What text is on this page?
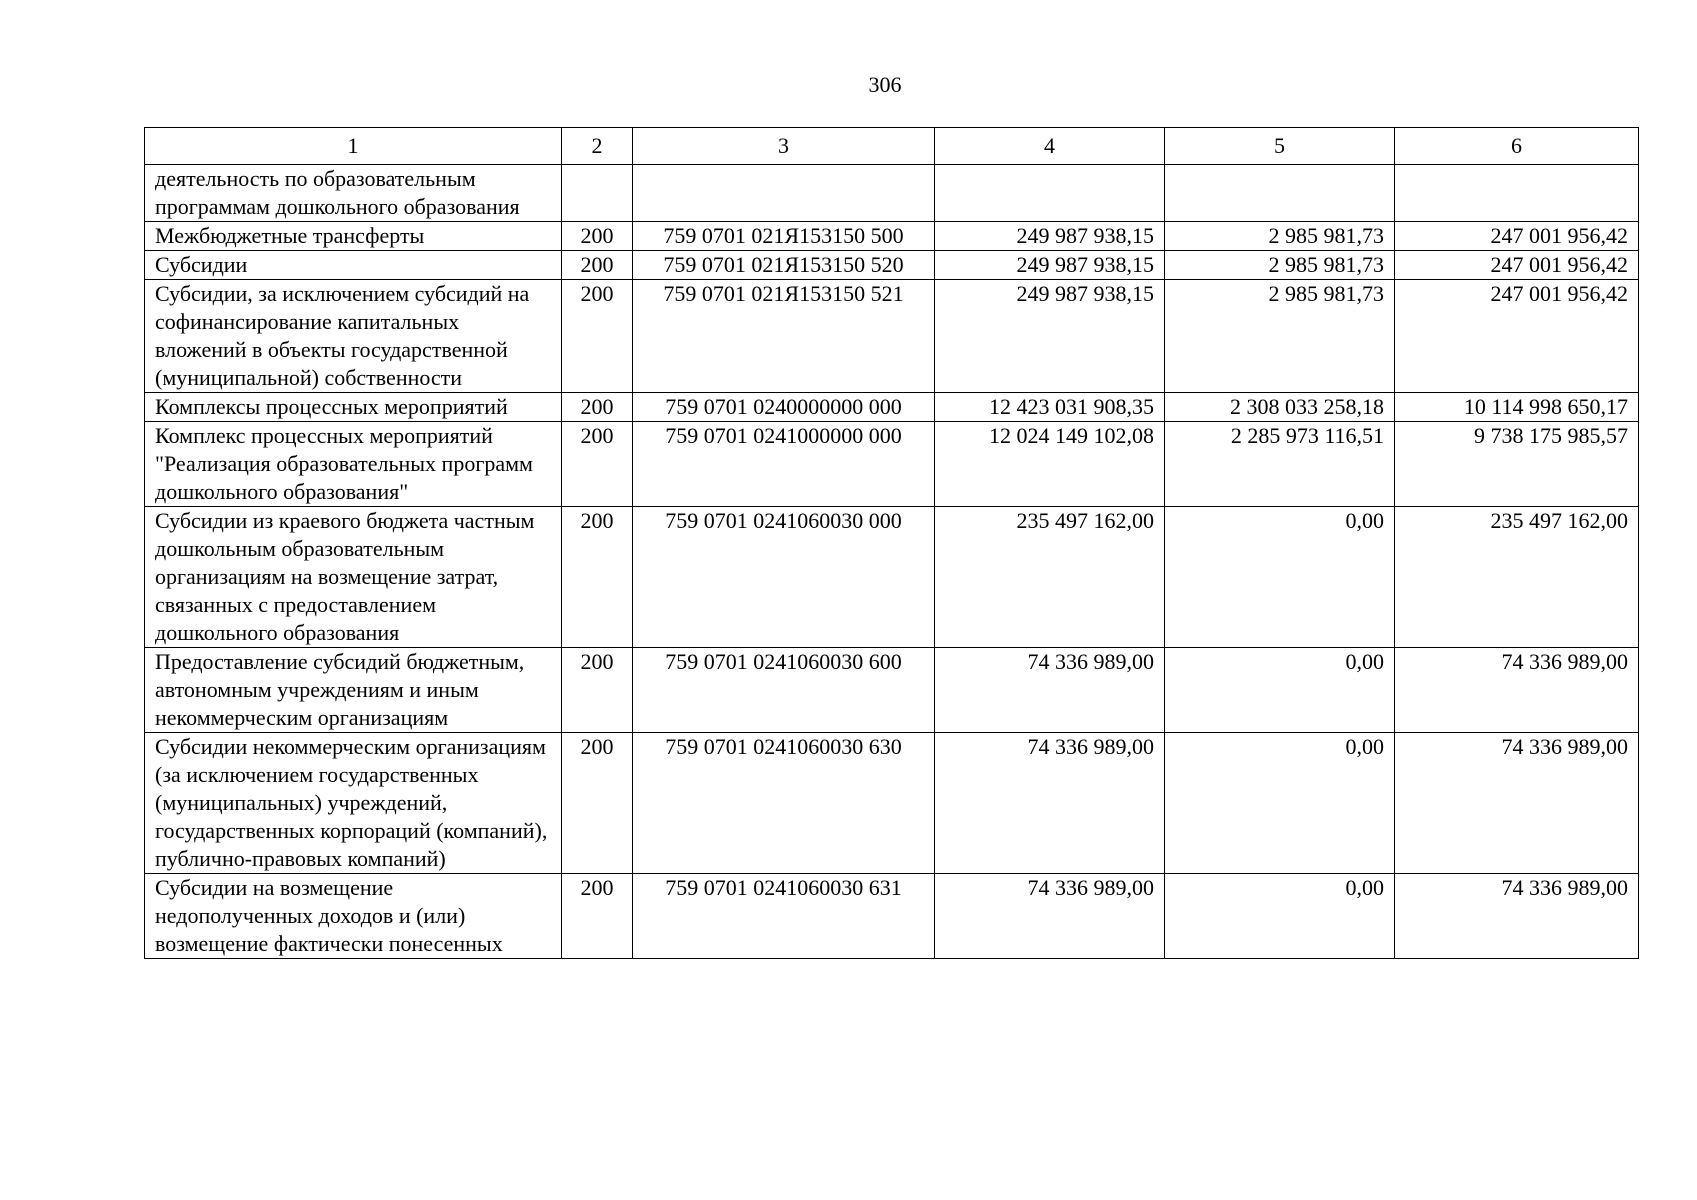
306
1	2	3	4	5	6
деятельность по образовательным программам дошкольного образования					
Межбюджетные трансферты	200	759 0701 021Я153150 500	249 987 938,15	2 985 981,73	247 001 956,42
Субсидии	200	759 0701 021Я153150 520	249 987 938,15	2 985 981,73	247 001 956,42
Субсидии, за исключением субсидий на софинансирование капитальных вложений в объекты государственной (муниципальной) собственности	200	759 0701 021Я153150 521	249 987 938,15	2 985 981,73	247 001 956,42
Комплексы процессных мероприятий	200	759 0701 0240000000 000	12 423 031 908,35	2 308 033 258,18	10 114 998 650,17
Комплекс процессных мероприятий "Реализация образовательных программ дошкольного образования"	200	759 0701 0241000000 000	12 024 149 102,08	2 285 973 116,51	9 738 175 985,57
Субсидии из краевого бюджета частным дошкольным образовательным организациям на возмещение затрат, связанных с предоставлением дошкольного образования	200	759 0701 0241060030 000	235 497 162,00	0,00	235 497 162,00
Предоставление субсидий бюджетным, автономным учреждениям и иным некоммерческим организациям	200	759 0701 0241060030 600	74 336 989,00	0,00	74 336 989,00
Субсидии некоммерческим организациям (за исключением государственных (муниципальных) учреждений, государственных корпораций (компаний), публично-правовых компаний)	200	759 0701 0241060030 630	74 336 989,00	0,00	74 336 989,00
Субсидии на возмещение недополученных доходов и (или) возмещение фактически понесенных	200	759 0701 0241060030 631	74 336 989,00	0,00	74 336 989,00
